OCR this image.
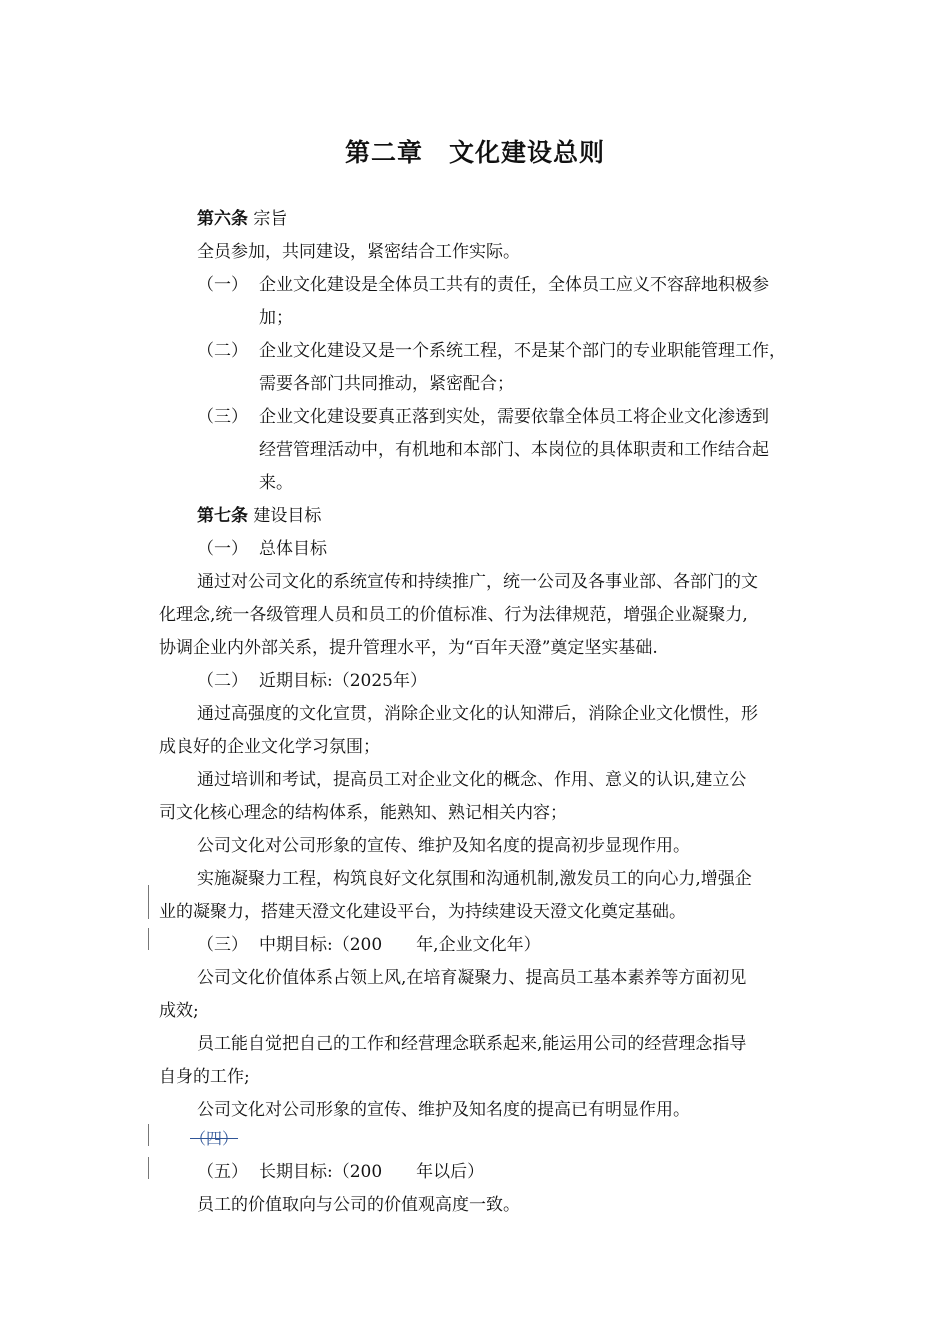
第二章　文化建设总则
第六条 宗旨
全员参加，共同建设，紧密结合工作实际。
（一） 企业文化建设是全体员工共有的责任，全体员工应义不容辞地积极参
加；
（二） 企业文化建设又是一个系统工程，不是某个部门的专业职能管理工作，
需要各部门共同推动，紧密配合；
（三） 企业文化建设要真正落到实处，需要依靠全体员工将企业文化渗透到
经营管理活动中，有机地和本部门、本岗位的具体职责和工作结合起
来。
第七条 建设目标
（一） 总体目标
通过对公司文化的系统宣传和持续推广，统一公司及各事业部、各部门的文
化理念,统一各级管理人员和员工的价值标准、行为法律规范，增强企业凝聚力,
协调企业内外部关系，提升管理水平，为“百年天澄”奠定坚实基础.
（二） 近期目标:（2025年）
通过高强度的文化宣贯，消除企业文化的认知滞后，消除企业文化惯性，形
成良好的企业文化学习氛围；
通过培训和考试，提高员工对企业文化的概念、作用、意义的认识,建立公
司文化核心理念的结构体系，能熟知、熟记相关内容；
公司文化对公司形象的宣传、维护及知名度的提高初步显现作用。
实施凝聚力工程，构筑良好文化氛围和沟通机制,激发员工的向心力,增强企
业的凝聚力，搭建天澄文化建设平台，为持续建设天澄文化奠定基础。
（三） 中期目标:（200　　年,企业文化年）
公司文化价值体系占领上风,在培育凝聚力、提高员工基本素养等方面初见
成效;
员工能自觉把自己的工作和经营理念联系起来,能运用公司的经营理念指导
自身的工作;
公司文化对公司形象的宣传、维护及知名度的提高已有明显作用。
（四）
（五） 长期目标:（200　　年以后）
员工的价值取向与公司的价值观高度一致。
